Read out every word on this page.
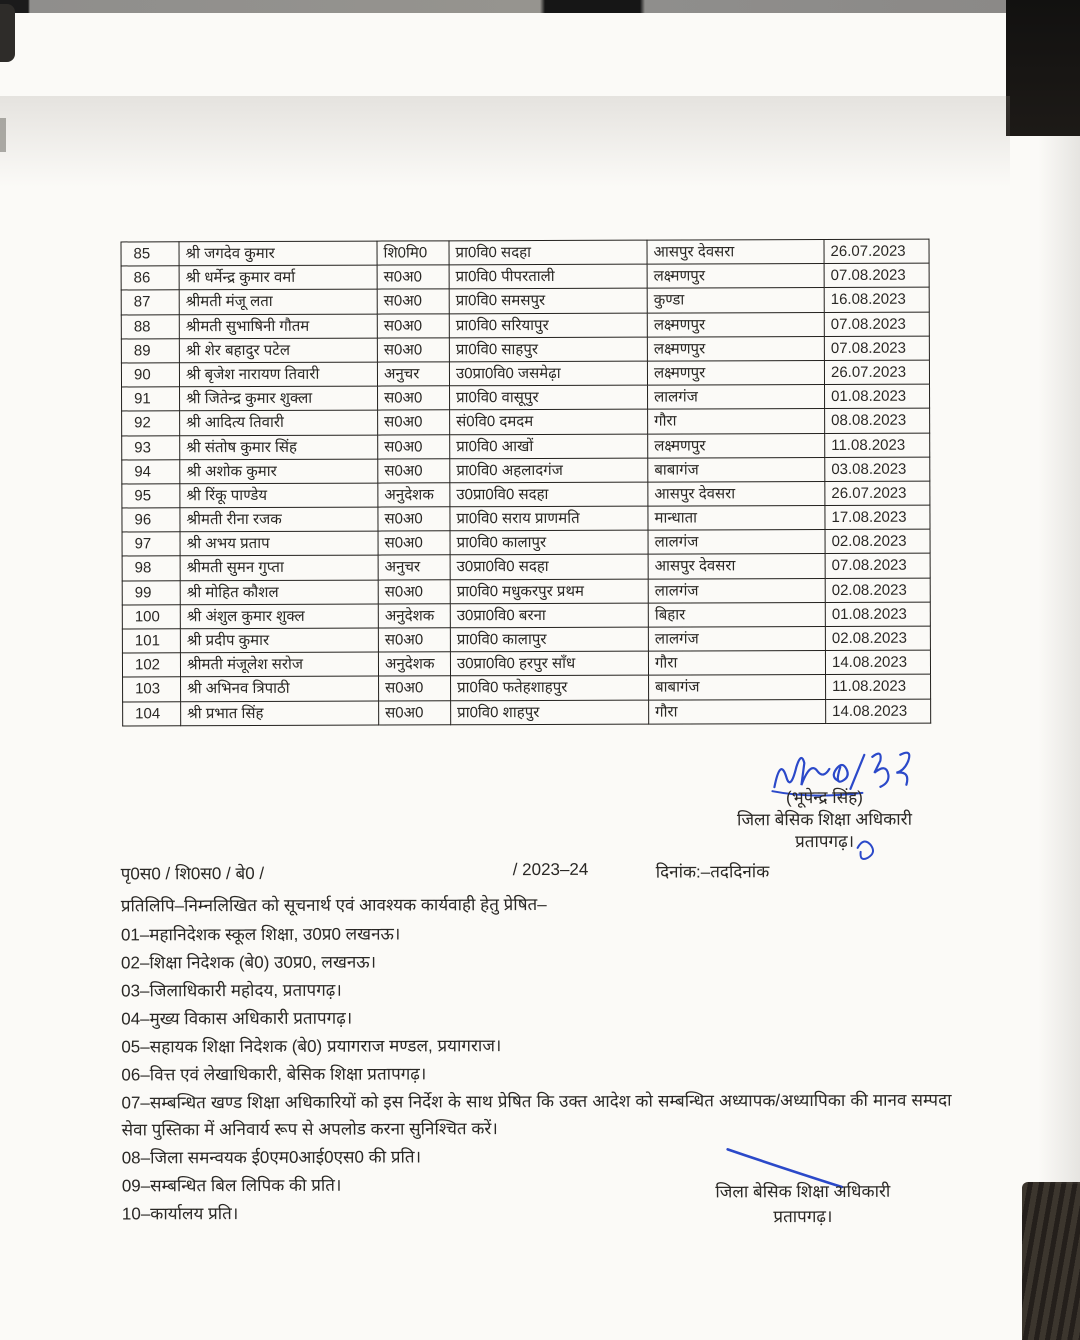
85	श्री जगदेव कुमार	शि0मि0	प्रा0वि0 सदहा	आसपुर देवसरा	26.07.2023
86	श्री धर्मेन्द्र कुमार वर्मा	स0अ0	प्रा0वि0 पीपरताली	लक्ष्मणपुर	07.08.2023
87	श्रीमती मंजू लता	स0अ0	प्रा0वि0 समसपुर	कुण्डा	16.08.2023
88	श्रीमती सुभाषिनी गौतम	स0अ0	प्रा0वि0 सरियापुर	लक्ष्मणपुर	07.08.2023
89	श्री शेर बहादुर पटेल	स0अ0	प्रा0वि0 साहपुर	लक्ष्मणपुर	07.08.2023
90	श्री बृजेश नारायण तिवारी	अनुचर	उ0प्रा0वि0 जसमेढ़ा	लक्ष्मणपुर	26.07.2023
91	श्री जितेन्द्र कुमार शुक्ला	स0अ0	प्रा0वि0 वासूपुर	लालगंज	01.08.2023
92	श्री आदित्य तिवारी	स0अ0	सं0वि0 दमदम	गौरा	08.08.2023
93	श्री संतोष कुमार सिंह	स0अ0	प्रा0वि0 आखों	लक्ष्मणपुर	11.08.2023
94	श्री अशोक कुमार	स0अ0	प्रा0वि0 अहलादगंज	बाबागंज	03.08.2023
95	श्री रिंकू पाण्डेय	अनुदेशक	उ0प्रा0वि0 सदहा	आसपुर देवसरा	26.07.2023
96	श्रीमती रीना रजक	स0अ0	प्रा0वि0 सराय प्राणमति	मान्धाता	17.08.2023
97	श्री अभय प्रताप	स0अ0	प्रा0वि0 कालापुर	लालगंज	02.08.2023
98	श्रीमती सुमन गुप्ता	अनुचर	उ0प्रा0वि0 सदहा	आसपुर देवसरा	07.08.2023
99	श्री मोहित कौशल	स0अ0	प्रा0वि0 मधुकरपुर प्रथम	लालगंज	02.08.2023
100	श्री अंशुल कुमार शुक्ल	अनुदेशक	उ0प्रा0वि0 बरना	बिहार	01.08.2023
101	श्री प्रदीप कुमार	स0अ0	प्रा0वि0 कालापुर	लालगंज	02.08.2023
102	श्रीमती मंजूलेश सरोज	अनुदेशक	उ0प्रा0वि0 हरपुर साँध	गौरा	14.08.2023
103	श्री अभिनव त्रिपाठी	स0अ0	प्रा0वि0 फतेहशाहपुर	बाबागंज	11.08.2023
104	श्री प्रभात सिंह	स0अ0	प्रा0वि0 शाहपुर	गौरा	14.08.2023
(भूपेन्द्र सिंह)
जिला बेसिक शिक्षा अधिकारी
प्रतापगढ़।
पृ0स0 / शि0स0 / बे0 /	/ 2023–24	दिनांक:–तददिनांक
प्रतिलिपि–निम्नलिखित को सूचनार्थ एवं आवश्यक कार्यवाही हेतु प्रेषित–
01–महानिदेशक स्कूल शिक्षा, उ0प्र0 लखनऊ।
02–शिक्षा निदेशक (बे0) उ0प्र0, लखनऊ।
03–जिलाधिकारी महोदय, प्रतापगढ़।
04–मुख्य विकास अधिकारी प्रतापगढ़।
05–सहायक शिक्षा निदेशक (बे0) प्रयागराज मण्डल, प्रयागराज।
06–वित्त एवं लेखाधिकारी, बेसिक शिक्षा प्रतापगढ़।
07–सम्बन्धित खण्ड शिक्षा अधिकारियों को इस निर्देश के साथ प्रेषित कि उक्त आदेश को सम्बन्धित अध्यापक/अध्यापिका की मानव सम्पदा सेवा पुस्तिका में अनिवार्य रूप से अपलोड करना सुनिश्चित करें।
08–जिला समन्वयक ई0एम0आई0एस0 की प्रति।
09–सम्बन्धित बिल लिपिक की प्रति।
10–कार्यालय प्रति।
जिला बेसिक शिक्षा अधिकारी
प्रतापगढ़।
